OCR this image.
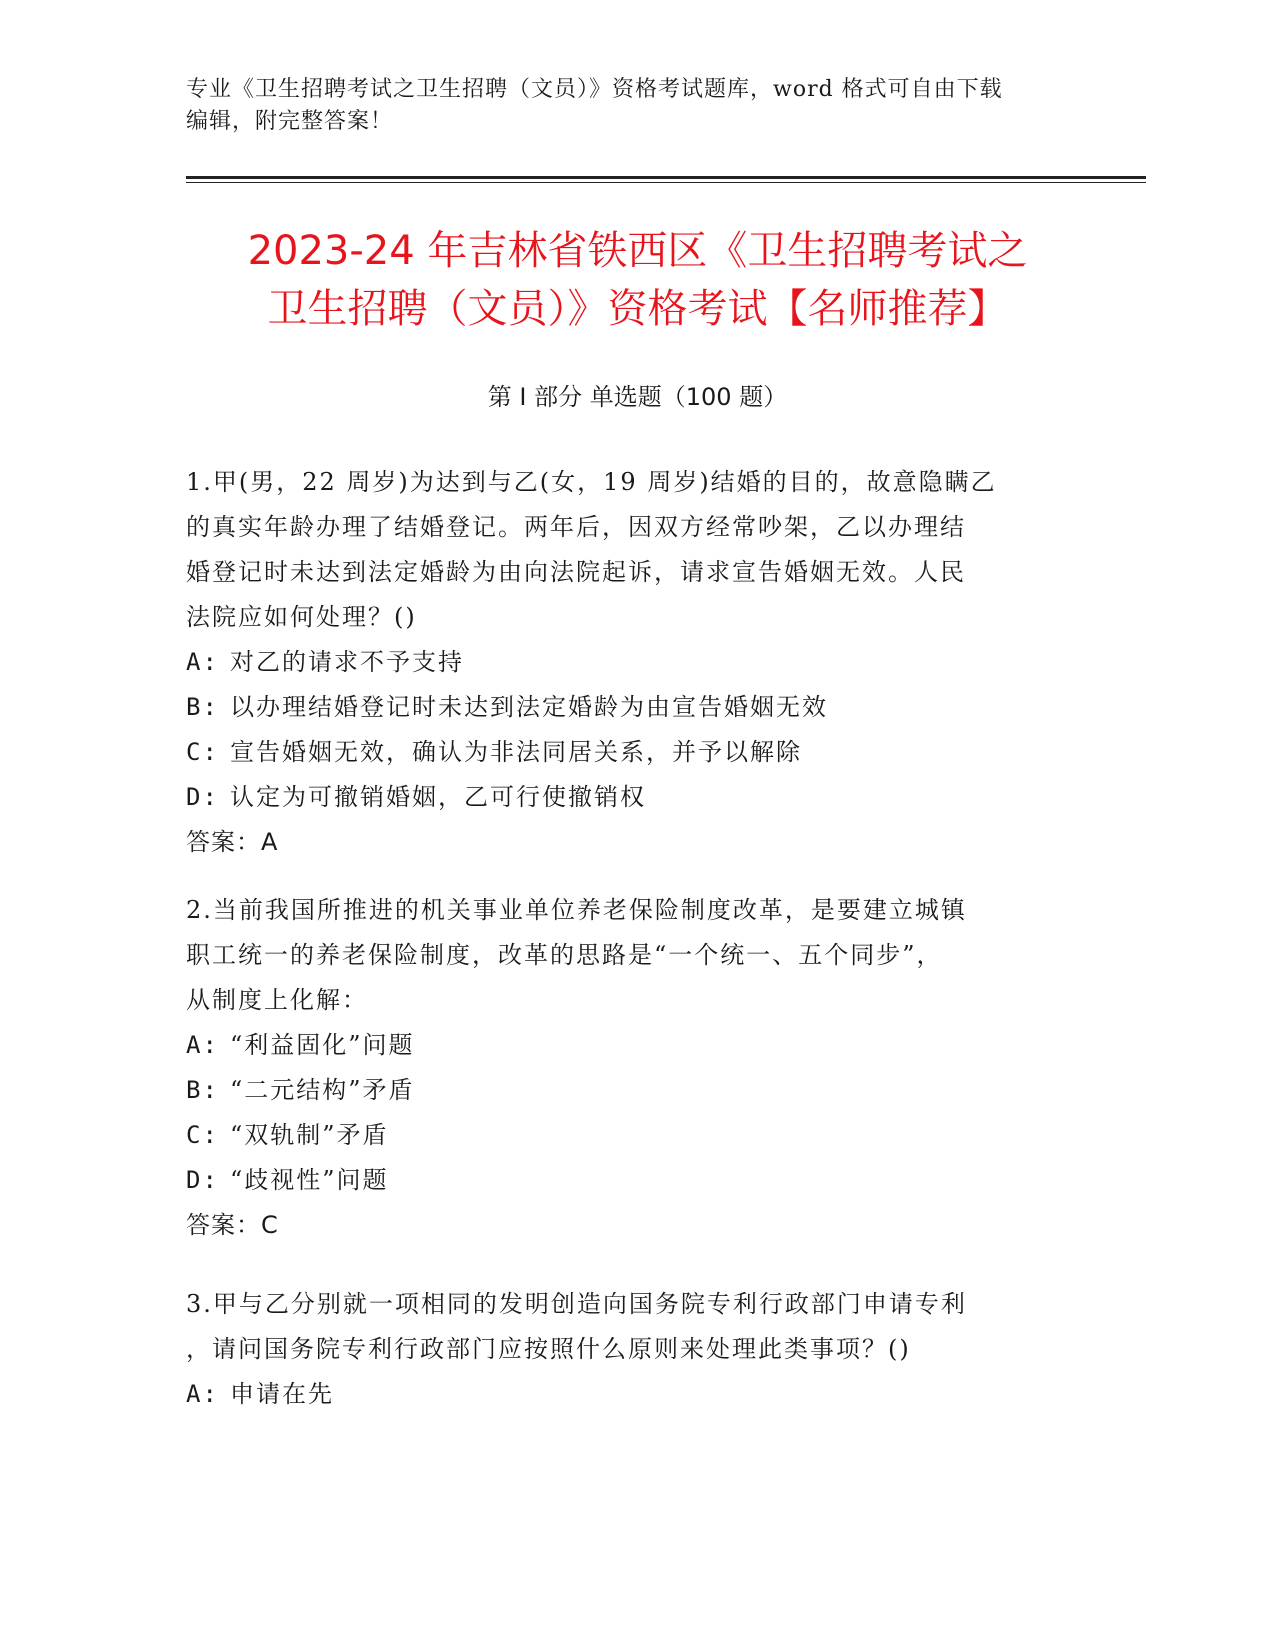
专业《卫生招聘考试之卫生招聘（文员）》资格考试题库，word 格式可自由下载
编辑，附完整答案！
2023-24 年吉林省铁西区《卫生招聘考试之
卫生招聘（文员）》资格考试【名师推荐】
第 I 部分 单选题（100 题）
1.甲(男，22 周岁)为达到与乙(女，19 周岁)结婚的目的，故意隐瞒乙
的真实年龄办理了结婚登记。两年后，因双方经常吵架，乙以办理结
婚登记时未达到法定婚龄为由向法院起诉，请求宣告婚姻无效。人民
法院应如何处理？()
A: 对乙的请求不予支持
B: 以办理结婚登记时未达到法定婚龄为由宣告婚姻无效
C: 宣告婚姻无效，确认为非法同居关系，并予以解除
D: 认定为可撤销婚姻，乙可行使撤销权
答案：A
2.当前我国所推进的机关事业单位养老保险制度改革，是要建立城镇
职工统一的养老保险制度，改革的思路是“一个统一、五个同步”，
从制度上化解：
A: “利益固化”问题
B: “二元结构”矛盾
C: “双轨制”矛盾
D: “歧视性”问题
答案：C
3.甲与乙分别就一项相同的发明创造向国务院专利行政部门申请专利
，请问国务院专利行政部门应按照什么原则来处理此类事项？()
A: 申请在先
